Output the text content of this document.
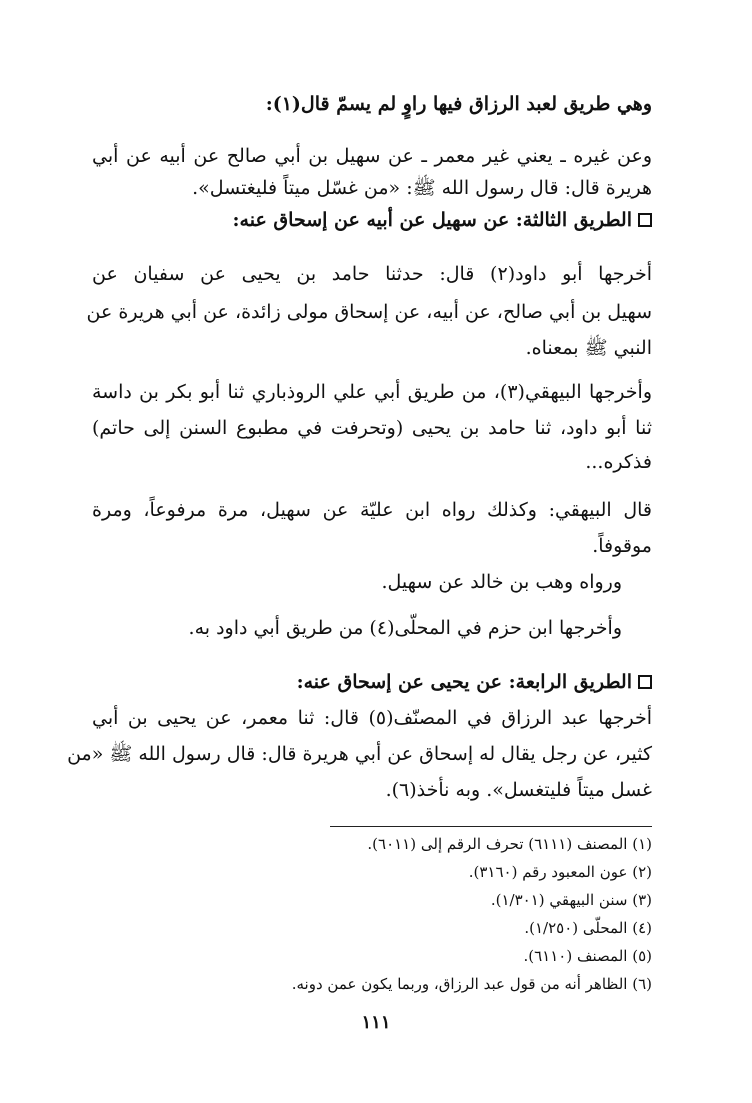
وهي طريق لعبد الرزاق فيها راوٍ لم يسمّ قال(١):
وعن غيره ـ يعني غير معمر ـ عن سهيل بن أبي صالح عن أبيه عن أبي
هريرة قال: قال رسول الله ﷺ: «من غسّل ميتاً فليغتسل».
الطريق الثالثة: عن سهيل عن أبيه عن إسحاق عنه:
أخرجها أبو داود(٢) قال: حدثنا حامد بن يحيى عن سفيان عن
سهيل بن أبي صالح، عن أبيه، عن إسحاق مولى زائدة، عن أبي هريرة عن
النبي ﷺ بمعناه.
وأخرجها البيهقي(٣)، من طريق أبي علي الروذباري ثنا أبو بكر بن داسة
ثنا أبو داود، ثنا حامد بن يحيى (وتحرفت في مطبوع السنن إلى حاتم)
فذكره...
قال البيهقي: وكذلك رواه ابن عليّة عن سهيل، مرة مرفوعاً، ومرة
موقوفاً.
ورواه وهب بن خالد عن سهيل.
وأخرجها ابن حزم في المحلّى(٤) من طريق أبي داود به.
الطريق الرابعة: عن يحيى عن إسحاق عنه:
أخرجها عبد الرزاق في المصنّف(٥) قال: ثنا معمر، عن يحيى بن أبي
كثير، عن رجل يقال له إسحاق عن أبي هريرة قال: قال رسول الله ﷺ «من
غسل ميتاً فليتغسل». وبه نأخذ(٦).
(١) المصنف (٦١١١) تحرف الرقم إلى (٦٠١١).
(٢) عون المعبود رقم (٣١٦٠).
(٣) سنن البيهقي (١/٣٠١).
(٤) المحلّى (١/٢٥٠).
(٥) المصنف (٦١١٠).
(٦) الظاهر أنه من قول عبد الرزاق، وربما يكون عمن دونه.
١١١
